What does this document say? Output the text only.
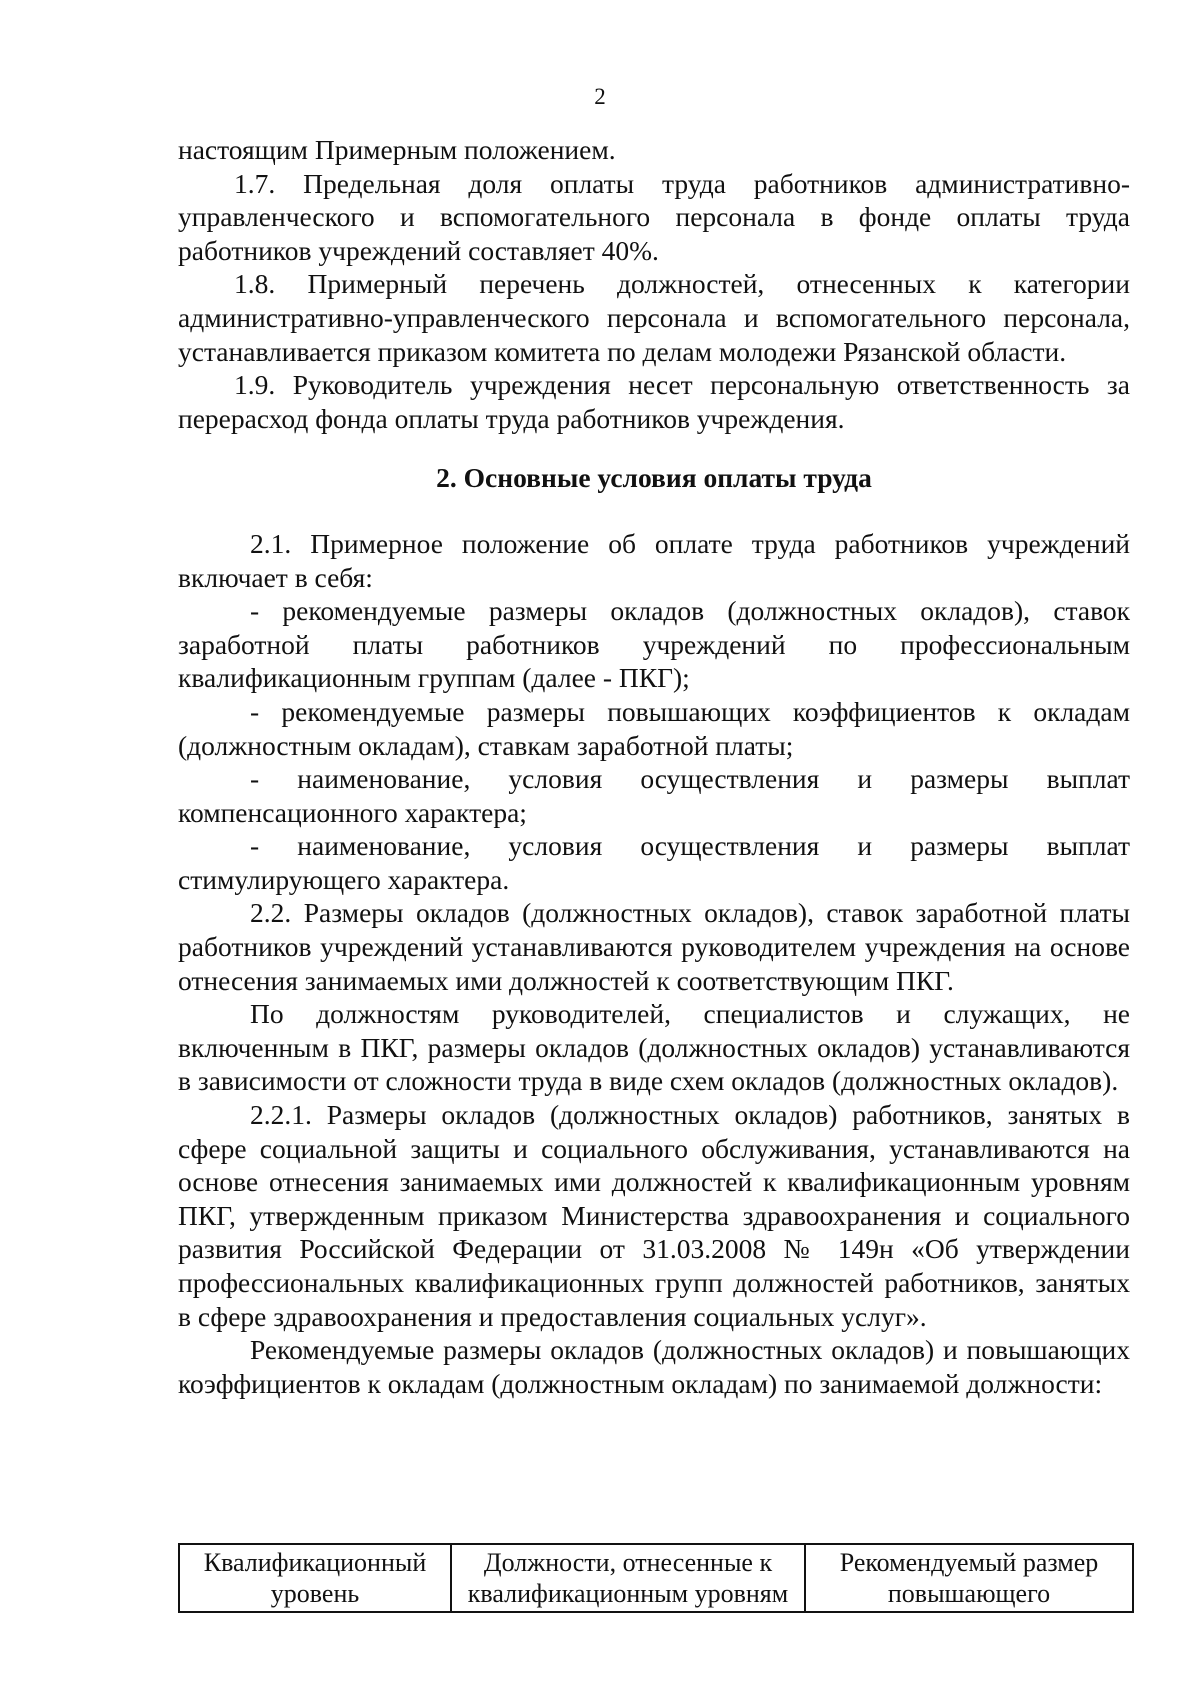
2

настоящим Примерным положением.

1.7. Предельная доля оплаты труда работников административно-управленческого и вспомогательного персонала в фонде оплаты труда работников учреждений составляет 40%.

1.8. Примерный перечень должностей, отнесенных к категории административно-управленческого персонала и вспомогательного персонала, устанавливается приказом комитета по делам молодежи Рязанской области.

1.9. Руководитель учреждения несет персональную ответственность за перерасход фонда оплаты труда работников учреждения.

2. Основные условия оплаты труда

2.1. Примерное положение об оплате труда работников учреждений включает в себя:

- рекомендуемые размеры окладов (должностных окладов), ставок заработной платы работников учреждений по профессиональным квалификационным группам (далее - ПКГ);

- рекомендуемые размеры повышающих коэффициентов к окладам (должностным окладам), ставкам заработной платы;

- наименование, условия осуществления и размеры выплат компенсационного характера;

- наименование, условия осуществления и размеры выплат стимулирующего характера.

2.2. Размеры окладов (должностных окладов), ставок заработной платы работников учреждений устанавливаются руководителем учреждения на основе отнесения занимаемых ими должностей к соответствующим ПКГ.

По должностям руководителей, специалистов и служащих, не включенным в ПКГ, размеры окладов (должностных окладов) устанавливаются в зависимости от сложности труда в виде схем окладов (должностных окладов).

2.2.1. Размеры окладов (должностных окладов) работников, занятых в сфере социальной защиты и социального обслуживания, устанавливаются на основе отнесения занимаемых ими должностей к квалификационным уровням ПКГ, утвержденным приказом Министерства здравоохранения и социального развития Российской Федерации от 31.03.2008 № 149н «Об утверждении профессиональных квалификационных групп должностей работников, занятых в сфере здравоохранения и предоставления социальных услуг».

Рекомендуемые размеры окладов (должностных окладов) и повышающих коэффициентов к окладам (должностным окладам) по занимаемой должности:

Квалификационный уровень	Должности, отнесенные к квалификационным уровням	Рекомендуемый размер повышающего
